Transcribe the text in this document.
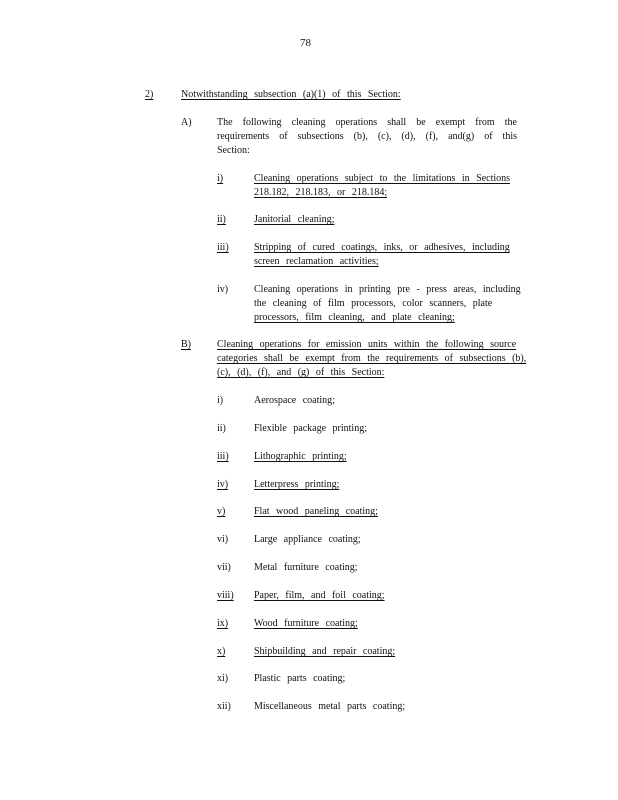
78
2)	Notwithstanding subsection (a)(1) of this Section:
A)	The following cleaning operations shall be exempt from the requirements of subsections (b), (c), (d), (f), and(g) of this Section:
i)	Cleaning operations subject to the limitations in Sections 218.182, 218.183, or 218.184;
ii)	Janitorial cleaning;
iii)	Stripping of cured coatings, inks, or adhesives, including screen reclamation activities;
iv)	Cleaning operations in printing pre - press areas, including the cleaning of film processors, color scanners, plate
processors, film cleaning, and plate cleaning;
B)	Cleaning operations for emission units within the following source categories shall be exempt from the requirements of subsections (b), (c), (d), (f), and (g) of this Section:
i)	Aerospace coating;
ii)	Flexible package printing;
iii)	Lithographic printing;
iv)	Letterpress printing;
v)	Flat wood paneling coating;
vi)	Large appliance coating;
vii) Metal furniture coating;
viii) Paper, film, and foil coating;
ix)	Wood furniture coating;
x)	Shipbuilding and repair coating;
xi)	Plastic parts coating;
xii) Miscellaneous metal parts coating;
